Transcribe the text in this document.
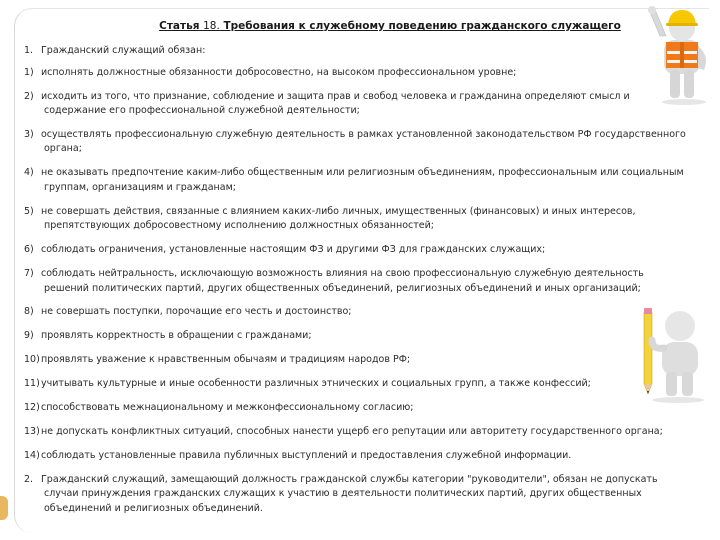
Статья 18. Требования к служебному поведению гражданского служащего
1. Гражданский служащий обязан:
1) исполнять должностные обязанности добросовестно, на высоком профессиональном уровне;
2) исходить из того, что признание, соблюдение и защита прав и свобод человека и гражданина определяют смысл и содержание его профессиональной служебной деятельности;
3) осуществлять профессиональную служебную деятельность в рамках установленной законодательством РФ государственного органа;
4) не оказывать предпочтение каким-либо общественным или религиозным объединениям, профессиональным или социальным группам, организациям и гражданам;
5) не совершать действия, связанные с влиянием каких-либо личных, имущественных (финансовых) и иных интересов, препятствующих добросовестному исполнению должностных обязанностей;
6) соблюдать ограничения, установленные настоящим ФЗ и другими ФЗ для гражданских служащих;
7) соблюдать нейтральность, исключающую возможность влияния на свою профессиональную служебную деятельность решений политических партий, других общественных объединений, религиозных объединений и иных организаций;
8) не совершать поступки, порочащие его честь и достоинство;
9) проявлять корректность в обращении с гражданами;
10)проявлять уважение к нравственным обычаям и традициям народов РФ;
11)учитывать культурные и иные особенности различных этнических и социальных групп, а также конфессий;
12)способствовать межнациональному и межконфессиональному согласию;
13)не допускать конфликтных ситуаций, способных нанести ущерб его репутации или авторитету государственного органа;
14)соблюдать установленные правила публичных выступлений и предоставления служебной информации.
2. Гражданский служащий, замещающий должность гражданской службы категории "руководители", обязан не допускать случаи принуждения гражданских служащих к участию в деятельности политических партий, других общественных объединений и религиозных объединений.
